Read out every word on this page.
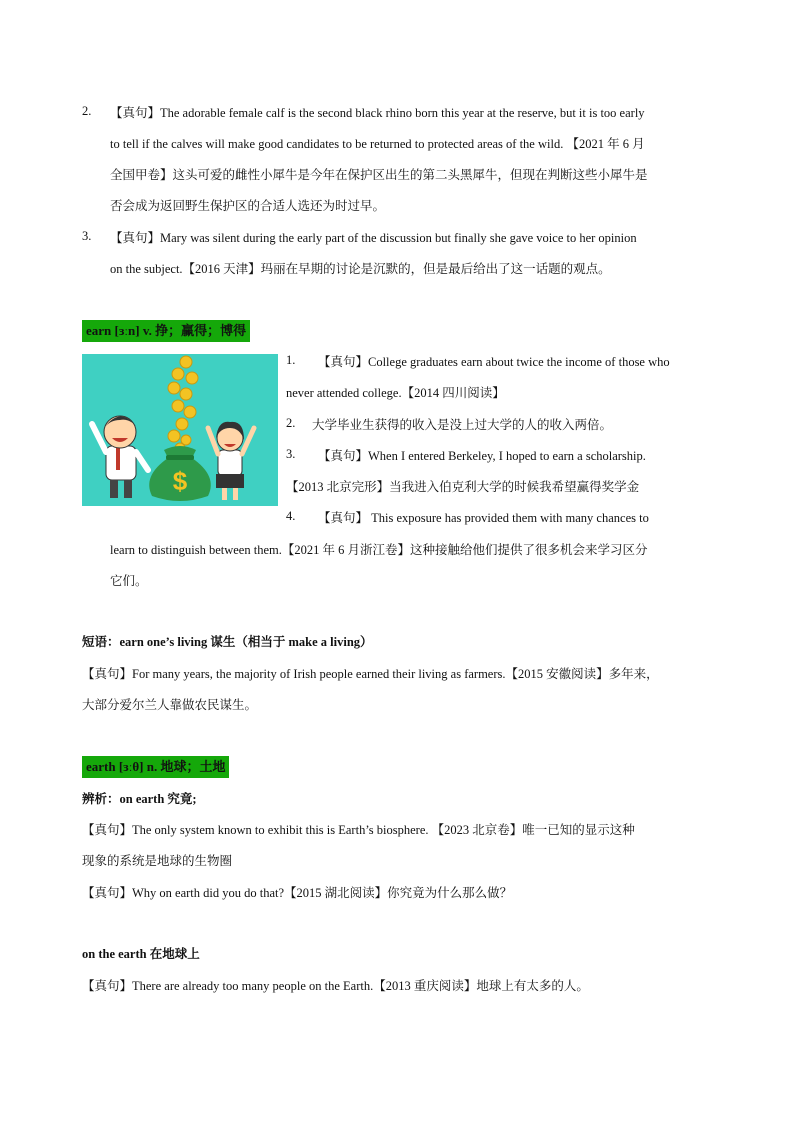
2. 【真句】The adorable female calf is the second black rhino born this year at the reserve, but it is too early
to tell if the calves will make good candidates to be returned to protected areas of the wild. 【2021 年 6 月
全国甲卷】这头可爱的雌性小犀牛是今年在保护区出生的第二头黑犀牛，但现在判断这些小犀牛是
否会成为返回野生保护区的合适人选还为时过早。
3. 【真句】Mary was silent during the early part of the discussion but finally she gave voice to her opinion
on the subject.【2016 天津】玛丽在早期的讨论是沉默的，但是最后给出了这一话题的观点。
earn [ɜːn] v. 挣；赢得；博得
$
1. 【真句】College graduates earn about twice the income of those who
never attended college.【2014 四川阅读】
2. 大学毕业生获得的收入是没上过大学的人的收入两倍。
3. 【真句】When I entered Berkeley, I hoped to earn a scholarship.
【2013 北京完形】当我进入伯克利大学的时候我希望赢得奖学金
4. 【真句】 This exposure has provided them with many chances to
learn to distinguish between them.【2021 年 6 月浙江卷】这种接触给他们提供了很多机会来学习区分
它们。
短语：earn one’s living 谋生（相当于 make a living）
【真句】For many years, the majority of Irish people earned their living as farmers.【2015 安徽阅读】多年来，
大部分爱尔兰人靠做农民谋生。
earth [ɜːθ] n. 地球；土地
辨析：on earth 究竟;
【真句】The only system known to exhibit this is Earth’s biosphere. 【2023 北京卷】唯一已知的显示这种
现象的系统是地球的生物圈
【真句】Why on earth did you do that?【2015 湖北阅读】你究竟为什么那么做？
on the earth 在地球上
【真句】There are already too many people on the Earth.【2013 重庆阅读】地球上有太多的人。
